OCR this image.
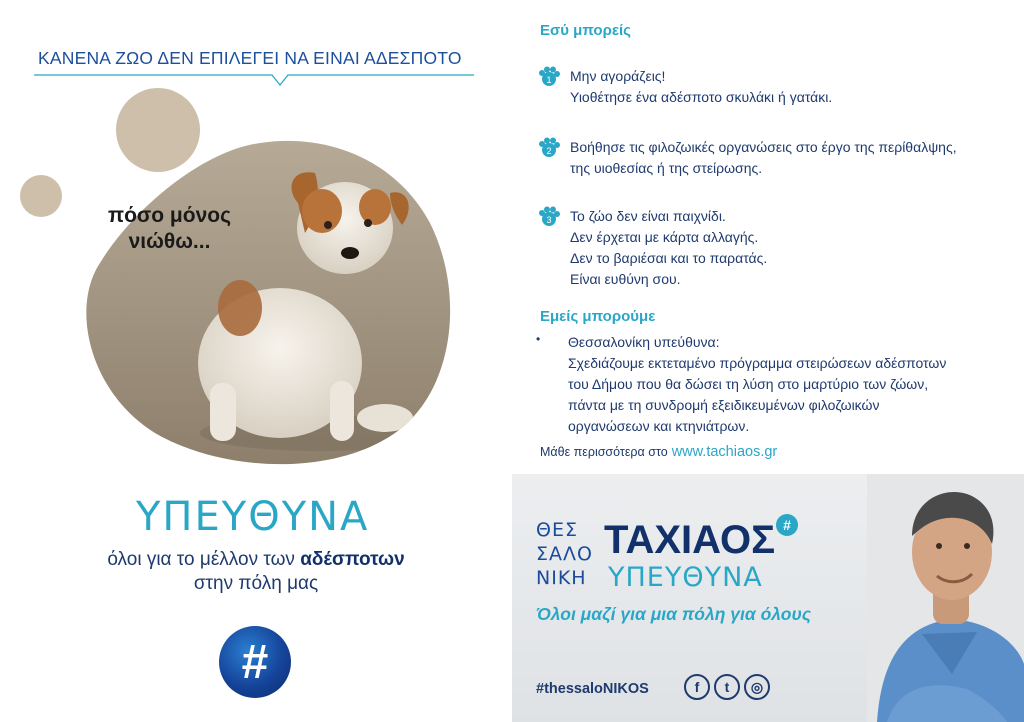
ΚΑΝΕΝΑ ΖΩΟ ΔΕΝ ΕΠΙΛΕΓΕΙ ΝΑ ΕΙΝΑΙ ΑΔΕΣΠΟΤΟ
πόσο μόνος
νιώθω...
ΥΠΕΥΘΥΝΑ
όλοι για το μέλλον των αδέσποτων
στην πόλη μας
#
Εσύ μπορείς
1 Μην αγοράζεις!
Υιοθέτησε ένα αδέσποτο σκυλάκι ή γατάκι.
2 Βοήθησε τις φιλοζωικές οργανώσεις στο έργο της περίθαλψης,
της υιοθεσίας ή της στείρωσης.
3 Το ζώο δεν είναι παιχνίδι.
Δεν έρχεται με κάρτα αλλαγής.
Δεν το βαριέσαι και το παρατάς.
Είναι ευθύνη σου.
Εμείς μπορούμε
• Θεσσαλονίκη υπεύθυνα:
Σχεδιάζουμε εκτεταμένο πρόγραμμα στειρώσεων αδέσποτων
του Δήμου που θα δώσει τη λύση στο μαρτύριο των ζώων,
πάντα με τη συνδρομή εξειδικευμένων φιλοζωικών
οργανώσεων και κτηνιάτρων.
Μάθε περισσότερα στο www.tachiaos.gr
ΘΕΣ
ΣΑΛΟ
ΝΙΚΗ
ΤΑΧΙΑΟΣ #
ΥΠΕΥΘΥΝΑ
Όλοι μαζί για μια πόλη για όλους
#thessaloNIKOS	f	t	◎
